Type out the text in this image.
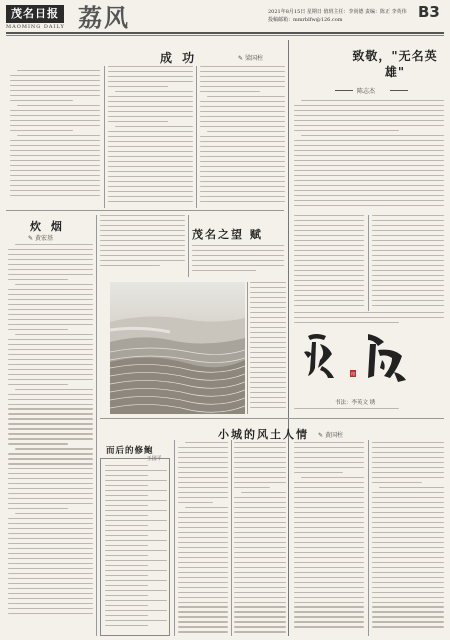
茂名日报
MAOMING DAILY 荔风	2021年8月15日 星期日 值班主任：李尚德 责编：陈正 李英伟
投稿邮箱：mmrblfw@126.com	B3
成 功	✎ 梁国柱	致敬，"无名英雄"
陈志杰
印
书法：李英文 绣
炊 烟
✎ 黄宏基	茂名之望 赋
小城的风土人情 ✎ 黄国柱
而后的修鲍
— 王国平
